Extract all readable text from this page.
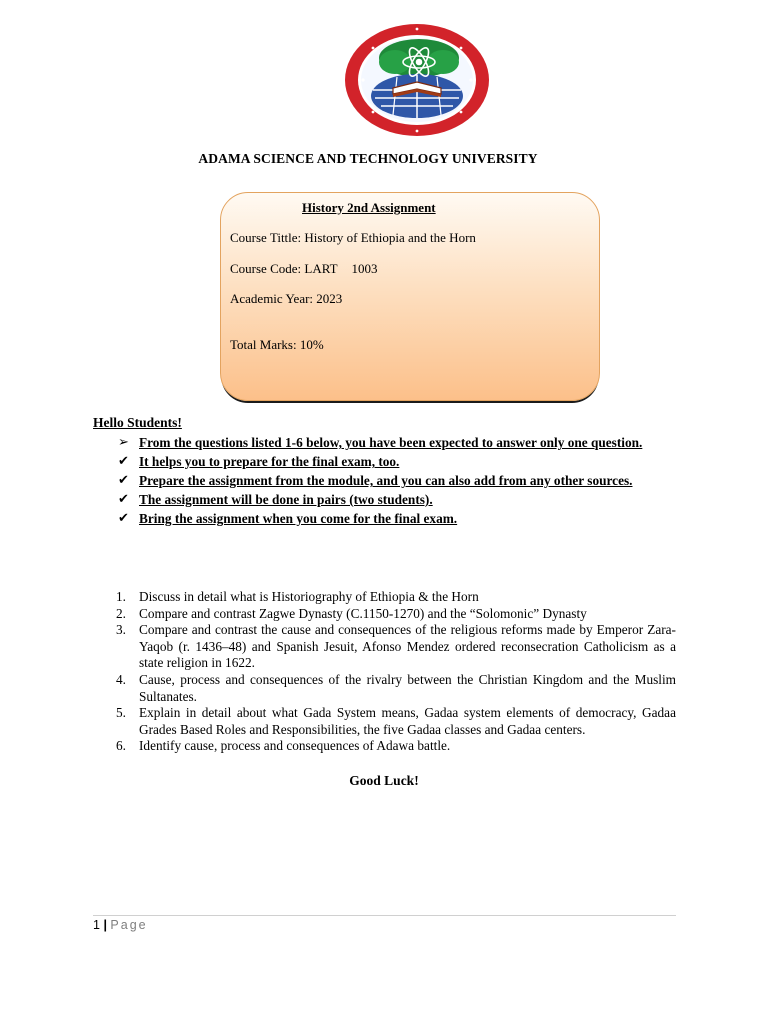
ADAMA SCIENCE AND TECHNOLOGY UNIVERSITY
History 2nd Assignment
Course Tittle: History of Ethiopia and the Horn
Course Code: LART 1003
Academic Year: 2023
Total Marks: 10%
Hello Students!
➢ From the questions listed 1-6 below, you have been expected to answer only one question.
✔ It helps you to prepare for the final exam, too.
✔ Prepare the assignment from the module, and you can also add from any other sources.
✔ The assignment will be done in pairs (two students).
✔ Bring the assignment when you come for the final exam.
1. Discuss in detail what is Historiography of Ethiopia & the Horn
2. Compare and contrast Zagwe Dynasty (C.1150-1270) and the “Solomonic” Dynasty
3. Compare and contrast the cause and consequences of the religious reforms made by Emperor Zara-Yaqob (r. 1436–48) and Spanish Jesuit, Afonso Mendez ordered reconsecration Catholicism as a state religion in 1622.
4. Cause, process and consequences of the rivalry between the Christian Kingdom and the Muslim Sultanates.
5. Explain in detail about what Gada System means, Gadaa system elements of democracy, Gadaa Grades Based Roles and Responsibilities, the five Gadaa classes and Gadaa centers.
6. Identify cause, process and consequences of Adawa battle.
Good Luck!
1 | Page
